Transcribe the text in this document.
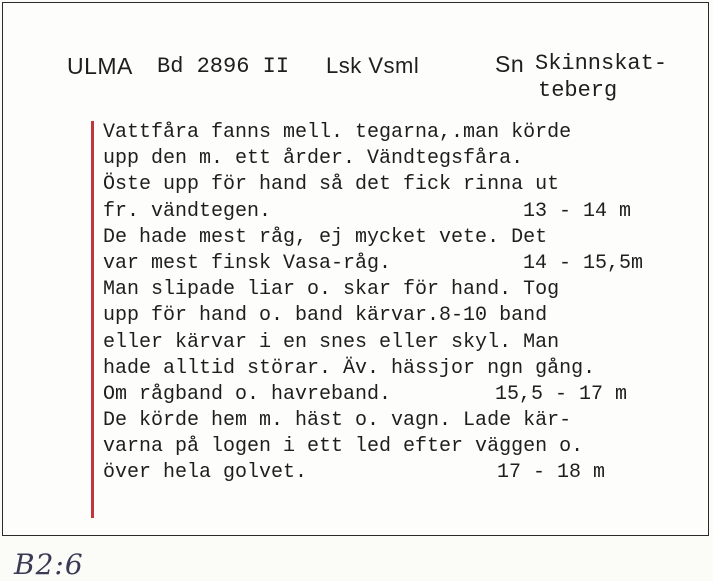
ULMA Bd 2896 II Lsk Vsml	Sn Skinnskat-
teberg
Vattfåra fanns mell. tegarna,.man körde
upp den m. ett årder. Vändtegsfåra.
Öste upp för hand så det fick rinna ut
fr. vändtegen.	13 - 14 m
De hade mest råg, ej mycket vete. Det
var mest finsk Vasa-råg.	14 - 15,5m
Man slipade liar o. skar för hand. Tog
upp för hand o. band kärvar.8-10 band
eller kärvar i en snes eller skyl. Man
hade alltid störar. Äv. hässjor ngn gång.
Om rågband o. havreband.	15,5 - 17 m
De körde hem m. häst o. vagn. Lade kär-
varna på logen i ett led efter väggen o.
över hela golvet.	17 - 18 m
B2:6
